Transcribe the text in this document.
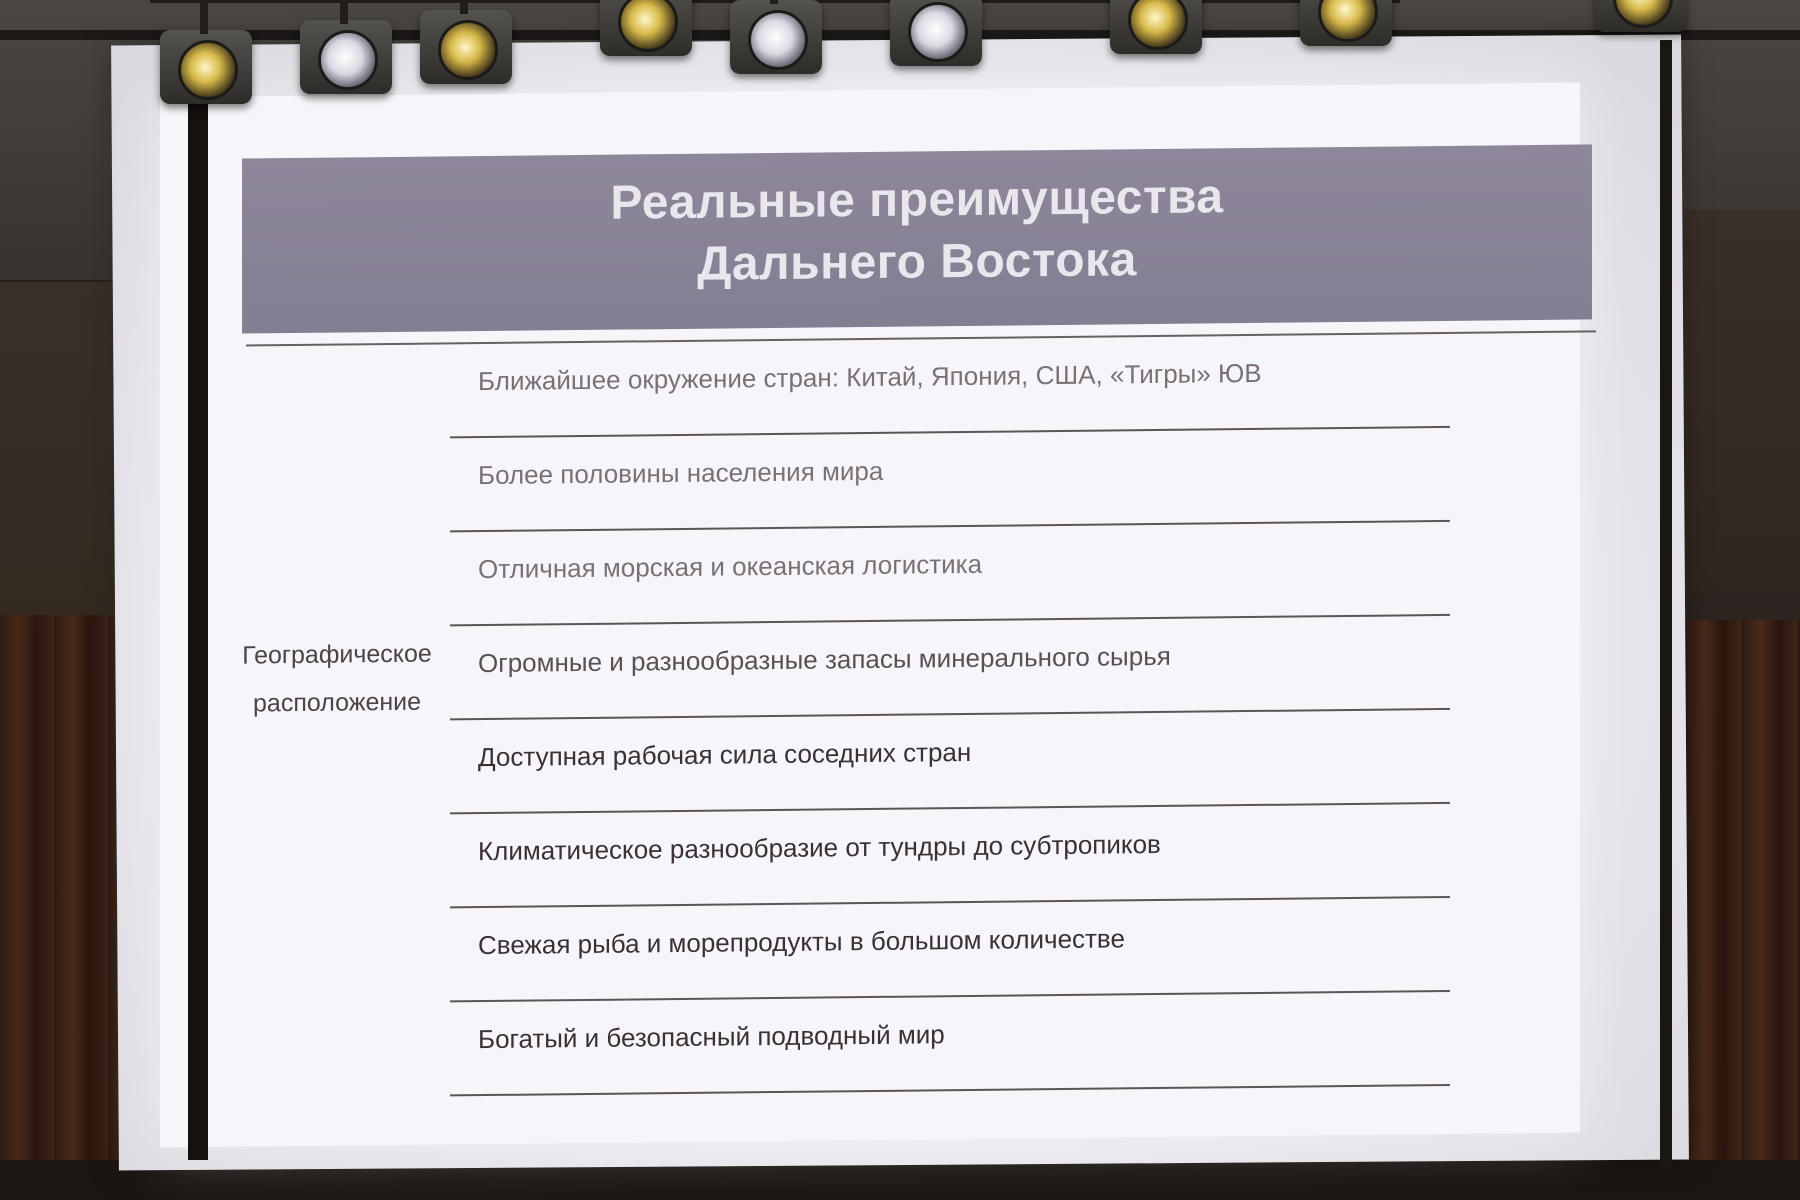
Реальные преимущества
Дальнего Востока
Географическое
расположение
Ближайшее окружение стран: Китай, Япония, США, «Тигры» ЮВ
Более половины населения мира
Отличная морская и океанская логистика
Огромные и разнообразные запасы минерального сырья
Доступная рабочая сила соседних стран
Климатическое разнообразие от тундры до субтропиков
Свежая рыба и морепродукты в большом количестве
Богатый и безопасный подводный мир
